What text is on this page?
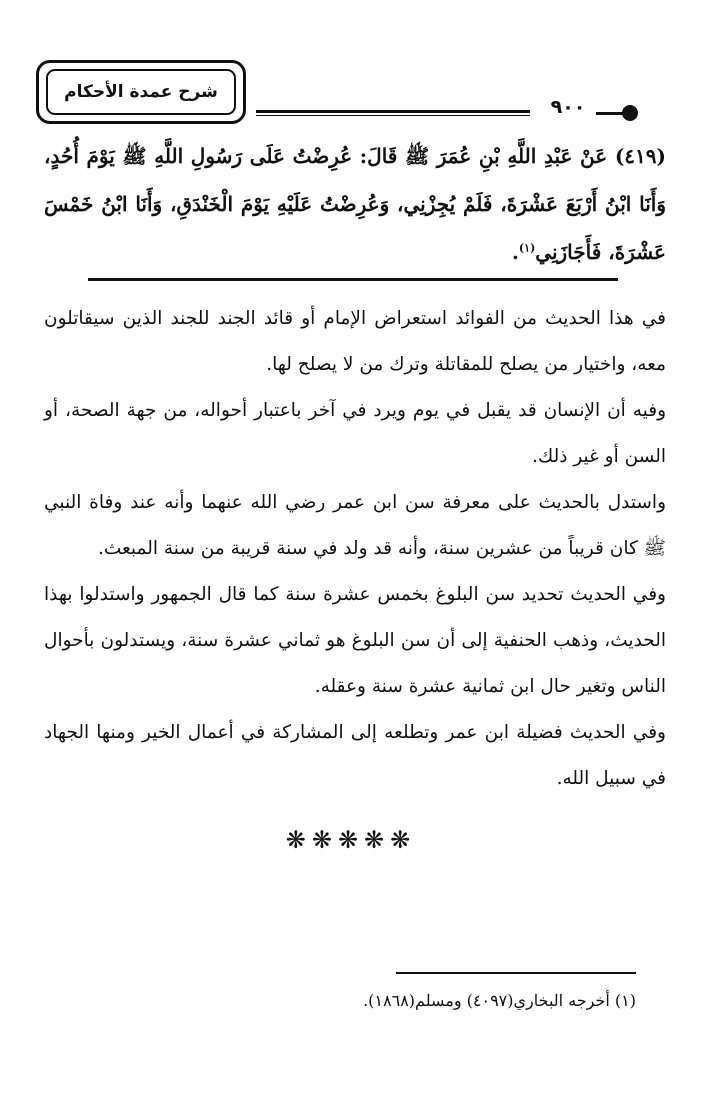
شرح عمدة الأحكام
٩٠٠
(٤١٩) عَنْ عَبْدِ اللَّهِ بْنِ عُمَرَ ﷺ قَالَ: عُرِضْتُ عَلَى رَسُولِ اللَّهِ ﷺ يَوْمَ أُحُدٍ، وَأَنَا ابْنُ أَرْبَعَ عَشْرَةَ، فَلَمْ يُجِزْنِي، وَعُرِضْتُ عَلَيْهِ يَوْمَ الْخَنْدَقِ، وَأَنَا ابْنُ خَمْسَ عَشْرَةَ، فَأَجَازَنِي$^{(١)}$.

في هذا الحديث من الفوائد استعراض الإمام أو قائد الجند للجند الذين سيقاتلون معه، واختيار من يصلح للمقاتلة وترك من لا يصلح لها.

وفيه أن الإنسان قد يقبل في يوم ويرد في آخر باعتبار أحواله، من جهة الصحة، أو السن أو غير ذلك.

واستدل بالحديث على معرفة سن ابن عمر رضي الله عنهما وأنه عند وفاة النبي ﷺ كان قريباً من عشرين سنة، وأنه قد ولد في سنة قريبة من سنة المبعث.

وفي الحديث تحديد سن البلوغ بخمس عشرة سنة كما قال الجمهور واستدلوا بهذا الحديث، وذهب الحنفية إلى أن سن البلوغ هو ثماني عشرة سنة، ويستدلون بأحوال الناس وتغير حال ابن ثمانية عشرة سنة وعقله.

وفي الحديث فضيلة ابن عمر وتطلعه إلى المشاركة في أعمال الخير ومنها الجهاد في سبيل الله.

❋❋❋❋❋
(١) أخرجه البخاري(٤٠٩٧) ومسلم(١٨٦٨).
